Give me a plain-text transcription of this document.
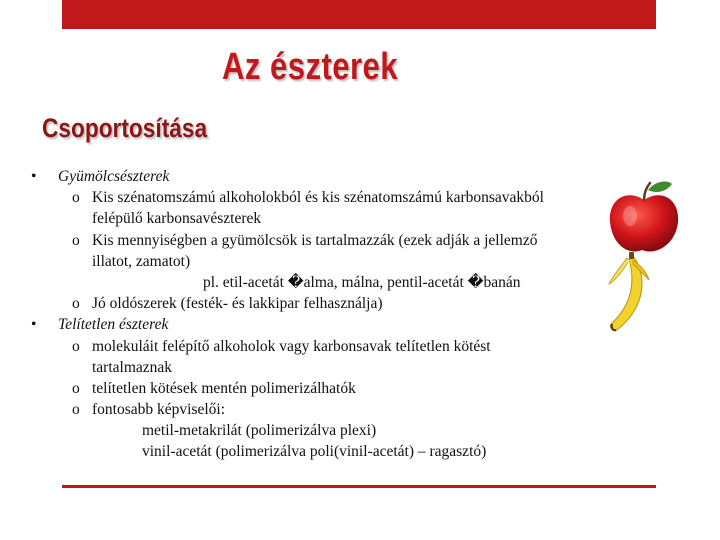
Az észterek
Csoportosítása
• Gyümölcsészterek
o Kis szénatomszámú alkoholokból és kis szénatomszámú karbonsavakból
felépülő karbonsavészterek
o Kis mennyiségben a gyümölcsök is tartalmazzák (ezek adják a jellemző
illatot, zamatot)
pl. etil-acetát �alma, málna, pentil-acetát �banán
o Jó oldószerek (festék- és lakkipar felhasználja)
• Telítetlen észterek
o molekuláit felépítő alkoholok vagy karbonsavak telítetlen kötést
tartalmaznak
o telítetlen kötések mentén polimerizálhatók
o fontosabb képviselői:
metil-metakrilát (polimerizálva plexi)
vinil-acetát (polimerizálva poli(vinil-acetát) – ragasztó)
